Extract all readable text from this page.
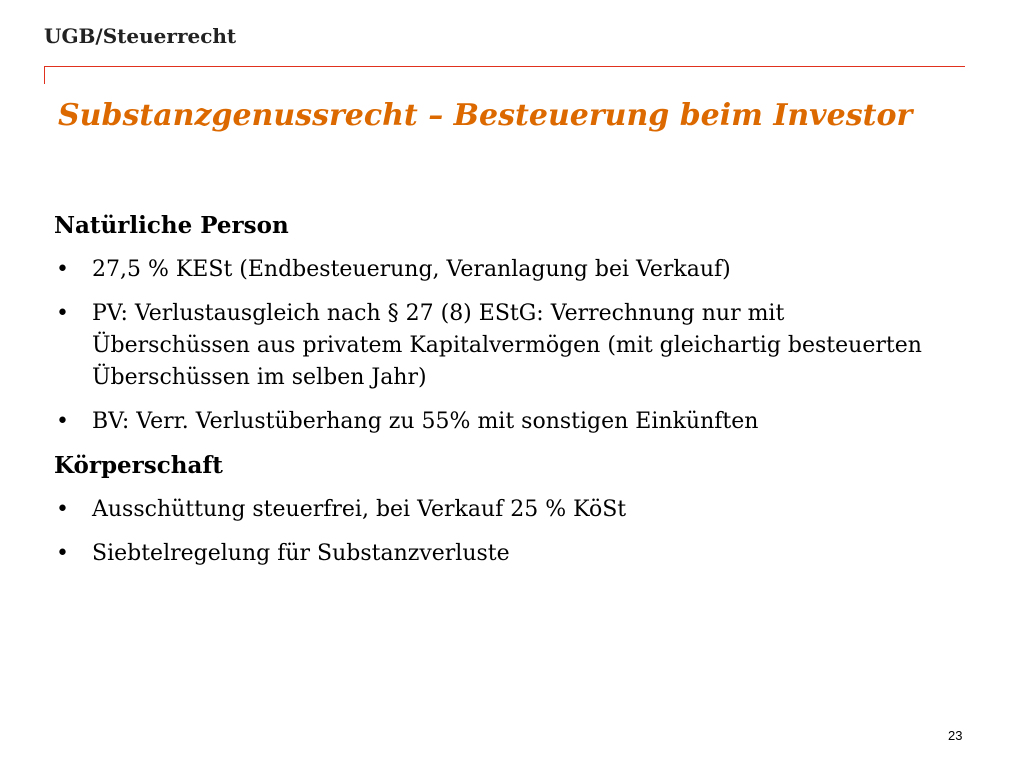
UGB/Steuerrecht
Substanzgenussrecht – Besteuerung beim Investor
Natürliche Person
• 27,5 % KESt (Endbesteuerung, Veranlagung bei Verkauf)
• PV: Verlustausgleich nach § 27 (8) EStG: Verrechnung nur mit Überschüssen aus privatem Kapitalvermögen (mit gleichartig besteuerten Überschüssen im selben Jahr)
• BV: Verr. Verlustüberhang zu 55% mit sonstigen Einkünften
Körperschaft
• Ausschüttung steuerfrei, bei Verkauf 25 % KöSt
• Siebtelregelung für Substanzverluste
23
